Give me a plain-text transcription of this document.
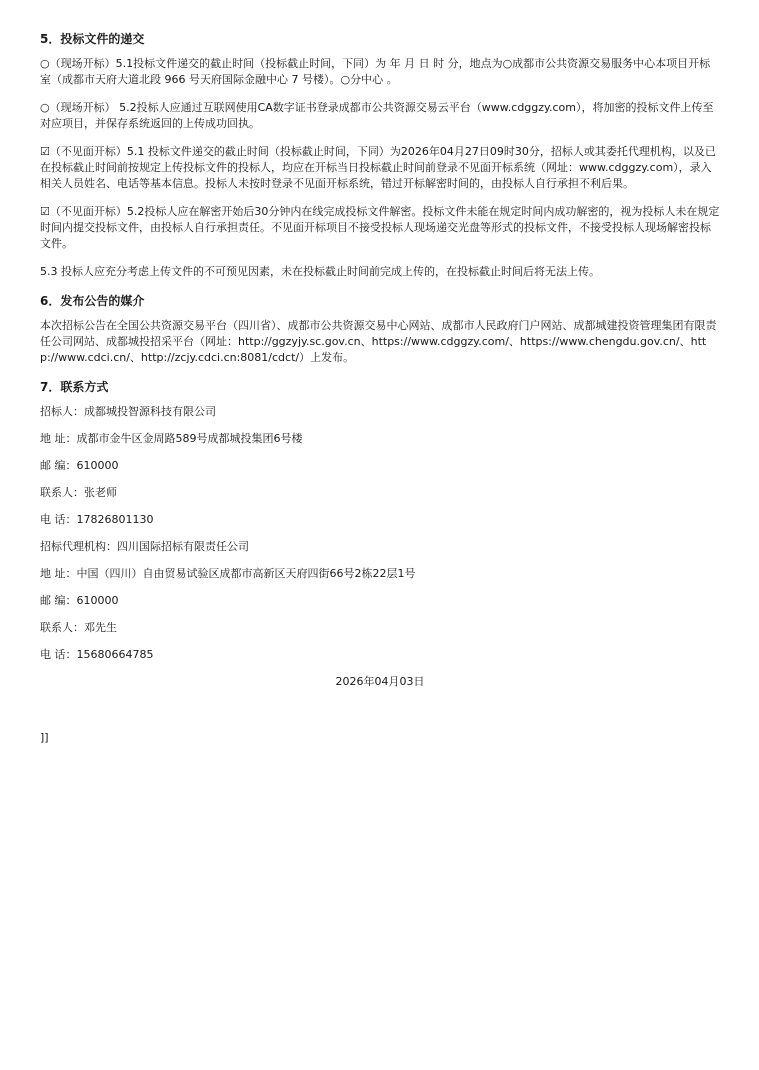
5．投标文件的递交
○（现场开标）5.1投标文件递交的截止时间（投标截止时间，下同）为 年 月 日 时 分，地点为○成都市公共资源交易服务中心本项目开标室（成都市天府大道北段 966 号天府国际金融中心 7 号楼）。○分中心 。
○（现场开标） 5.2投标人应通过互联网使用CA数字证书登录成都市公共资源交易云平台（www.cdggzy.com），将加密的投标文件上传至对应项目，并保存系统返回的上传成功回执。
☑（不见面开标）5.1 投标文件递交的截止时间（投标截止时间，下同）为2026年04月27日09时30分，招标人或其委托代理机构，以及已在投标截止时间前按规定上传投标文件的投标人，均应在开标当日投标截止时间前登录不见面开标系统（网址：www.cdggzy.com），录入相关人员姓名、电话等基本信息。投标人未按时登录不见面开标系统，错过开标解密时间的，由投标人自行承担不利后果。
☑（不见面开标）5.2投标人应在解密开始后30分钟内在线完成投标文件解密。投标文件未能在规定时间内成功解密的，视为投标人未在规定时间内提交投标文件，由投标人自行承担责任。不见面开标项目不接受投标人现场递交光盘等形式的投标文件，不接受投标人现场解密投标文件。
5.3 投标人应充分考虑上传文件的不可预见因素，未在投标截止时间前完成上传的，在投标截止时间后将无法上传。
6．发布公告的媒介
本次招标公告在全国公共资源交易平台（四川省）、成都市公共资源交易中心网站、成都市人民政府门户网站、成都城建投资管理集团有限责任公司网站、成都城投招采平台（网址：http://ggzyjy.sc.gov.cn、https://www.cdggzy.com/、https://www.chengdu.gov.cn/、http://www.cdci.cn/、http://zcjy.cdci.cn:8081/cdct/）上发布。
7．联系方式
招标人：成都城投智源科技有限公司
地 址：成都市金牛区金周路589号成都城投集团6号楼
邮 编：610000
联系人：张老师
电 话：17826801130
招标代理机构：四川国际招标有限责任公司
地 址：中国（四川）自由贸易试验区成都市高新区天府四街66号2栋22层1号
邮 编：610000
联系人：邓先生
电 话：15680664785
2026年04月03日
]]
